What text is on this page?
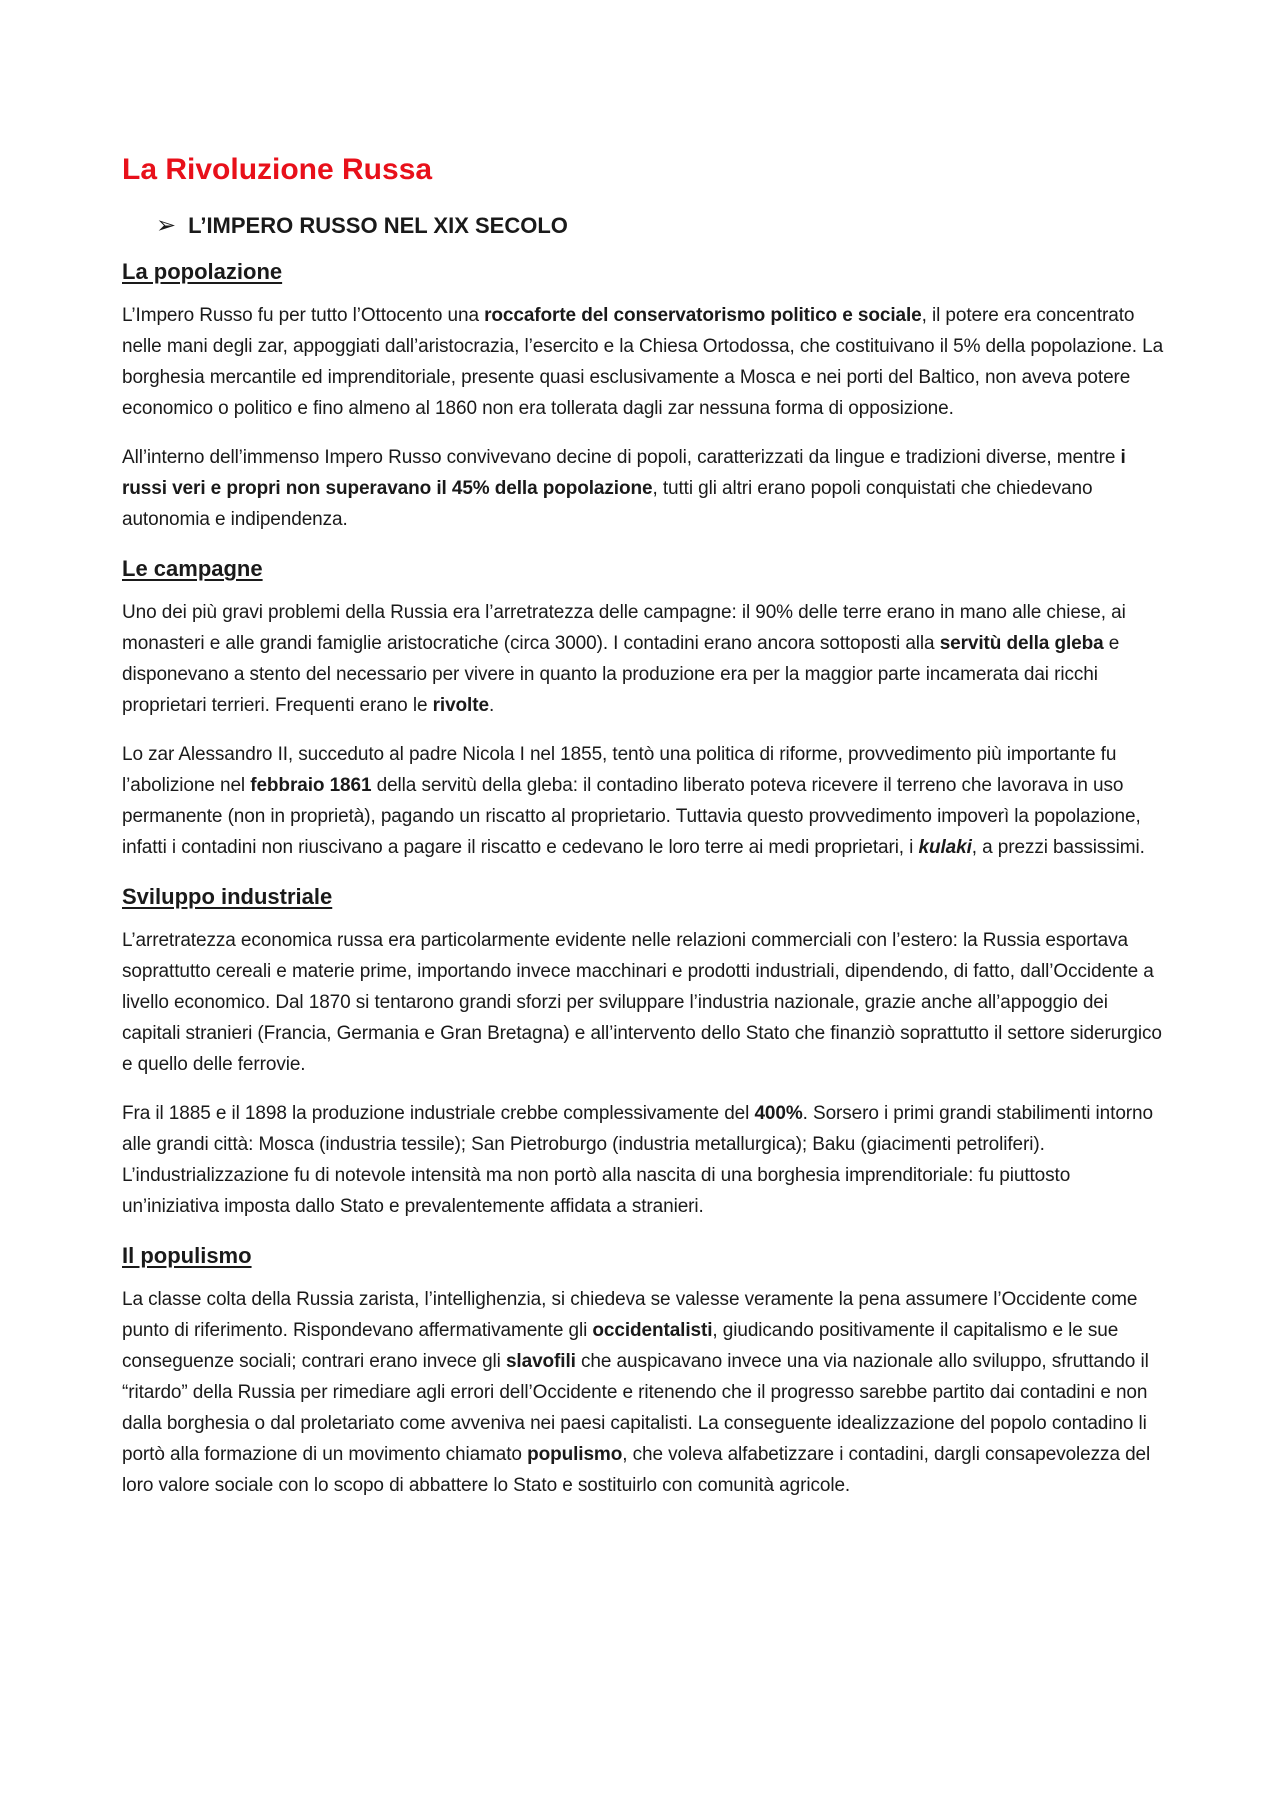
La Rivoluzione Russa
➢ L’IMPERO RUSSO NEL XIX SECOLO
La popolazione

L’Impero Russo fu per tutto l’Ottocento una roccaforte del conservatorismo politico e sociale, il potere era concentrato nelle mani degli zar, appoggiati dall’aristocrazia, l’esercito e la Chiesa Ortodossa, che costituivano il 5% della popolazione. La borghesia mercantile ed imprenditoriale, presente quasi esclusivamente a Mosca e nei porti del Baltico, non aveva potere economico o politico e fino almeno al 1860 non era tollerata dagli zar nessuna forma di opposizione.

All’interno dell’immenso Impero Russo convivevano decine di popoli, caratterizzati da lingue e tradizioni diverse, mentre i russi veri e propri non superavano il 45% della popolazione, tutti gli altri erano popoli conquistati che chiedevano autonomia e indipendenza.

Le campagne

Uno dei più gravi problemi della Russia era l’arretratezza delle campagne: il 90% delle terre erano in mano alle chiese, ai monasteri e alle grandi famiglie aristocratiche (circa 3000). I contadini erano ancora sottoposti alla servitù della gleba e disponevano a stento del necessario per vivere in quanto la produzione era per la maggior parte incamerata dai ricchi proprietari terrieri. Frequenti erano le rivolte.

Lo zar Alessandro II, succeduto al padre Nicola I nel 1855, tentò una politica di riforme, provvedimento più importante fu l’abolizione nel febbraio 1861 della servitù della gleba: il contadino liberato poteva ricevere il terreno che lavorava in uso permanente (non in proprietà), pagando un riscatto al proprietario. Tuttavia questo provvedimento impoverì la popolazione, infatti i contadini non riuscivano a pagare il riscatto e cedevano le loro terre ai medi proprietari, i kulaki, a prezzi bassissimi.

Sviluppo industriale

L’arretratezza economica russa era particolarmente evidente nelle relazioni commerciali con l’estero: la Russia esportava soprattutto cereali e materie prime, importando invece macchinari e prodotti industriali, dipendendo, di fatto, dall’Occidente a livello economico. Dal 1870 si tentarono grandi sforzi per sviluppare l’industria nazionale, grazie anche all’appoggio dei capitali stranieri (Francia, Germania e Gran Bretagna) e all’intervento dello Stato che finanziò soprattutto il settore siderurgico e quello delle ferrovie.

Fra il 1885 e il 1898 la produzione industriale crebbe complessivamente del 400%. Sorsero i primi grandi stabilimenti intorno alle grandi città: Mosca (industria tessile); San Pietroburgo (industria metallurgica); Baku (giacimenti petroliferi). L’industrializzazione fu di notevole intensità ma non portò alla nascita di una borghesia imprenditoriale: fu piuttosto un’iniziativa imposta dallo Stato e prevalentemente affidata a stranieri.

Il populismo

La classe colta della Russia zarista, l’intellighenzia, si chiedeva se valesse veramente la pena assumere l’Occidente come punto di riferimento. Rispondevano affermativamente gli occidentalisti, giudicando positivamente il capitalismo e le sue conseguenze sociali; contrari erano invece gli slavofili che auspicavano invece una via nazionale allo sviluppo, sfruttando il “ritardo” della Russia per rimediare agli errori dell’Occidente e ritenendo che il progresso sarebbe partito dai contadini e non dalla borghesia o dal proletariato come avveniva nei paesi capitalisti. La conseguente idealizzazione del popolo contadino li portò alla formazione di un movimento chiamato populismo, che voleva alfabetizzare i contadini, dargli consapevolezza del loro valore sociale con lo scopo di abbattere lo Stato e sostituirlo con comunità agricole.
